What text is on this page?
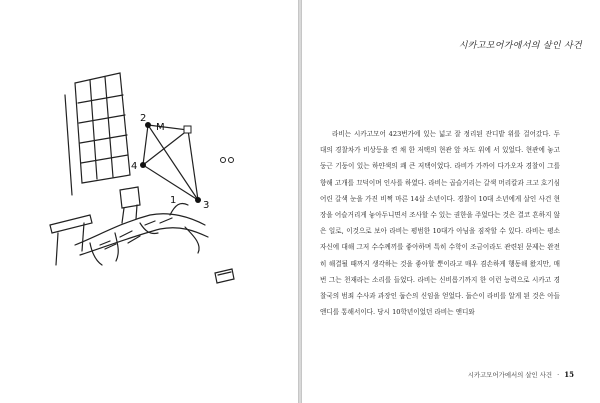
2
M
4
3
1
시카고모어가에서의 살인 사건

라비는 시카고모어 423번가에 있는 넓고 잘 정리된 잔디밭 위를 걸어갔다. 두 대의 경찰차가 비상등을 켠 채 한 저택의 현관 앞 차도 위에 서 있었다. 현관에 놓고 둥근 기둥이 있는 하얀색의 쾌 큰 저택이었다. 라비가 가까이 다가오자 경찰이 그를 향해 고개를 끄덕이며 인사를 하였다. 라비는 곱슬거리는 갈색 머리칼과 크고 호기심 어린 갈색 눈을 가진 비쩍 마른 14살 소년이다. 경찰이 10대 소년에게 살인 사건 현장을 어슬거리게 놓아두니면서 조사할 수 있는 권한을 주었다는 것은 결코 흔하지 않은 일로, 이것으로 보아 라비는 평범한 10대가 아님을 짐작할 수 있다. 라비는 평소 자신에 대해 그저 수수께끼를 좋아하며 특히 수학이 조금이라도 관련된 문제는 완전히 해결될 때까지 생각하는 것을 좋아할 뿐이라고 매우 겸손하게 행동해 왔지만, 매번 그는 천재라는 소리를 들었다. 라비는 신비롭기까지 한 이런 능력으로 시카고 경찰국의 범죄 수사과 과장인 둡슨의 신임을 얻었다. 둡슨이 라비를 알게 된 것은 아들 앤디를 통해서이다. 당시 10학년이었던 라비는 앤디와

시카고모어가에서의 살인 사건 · 15
